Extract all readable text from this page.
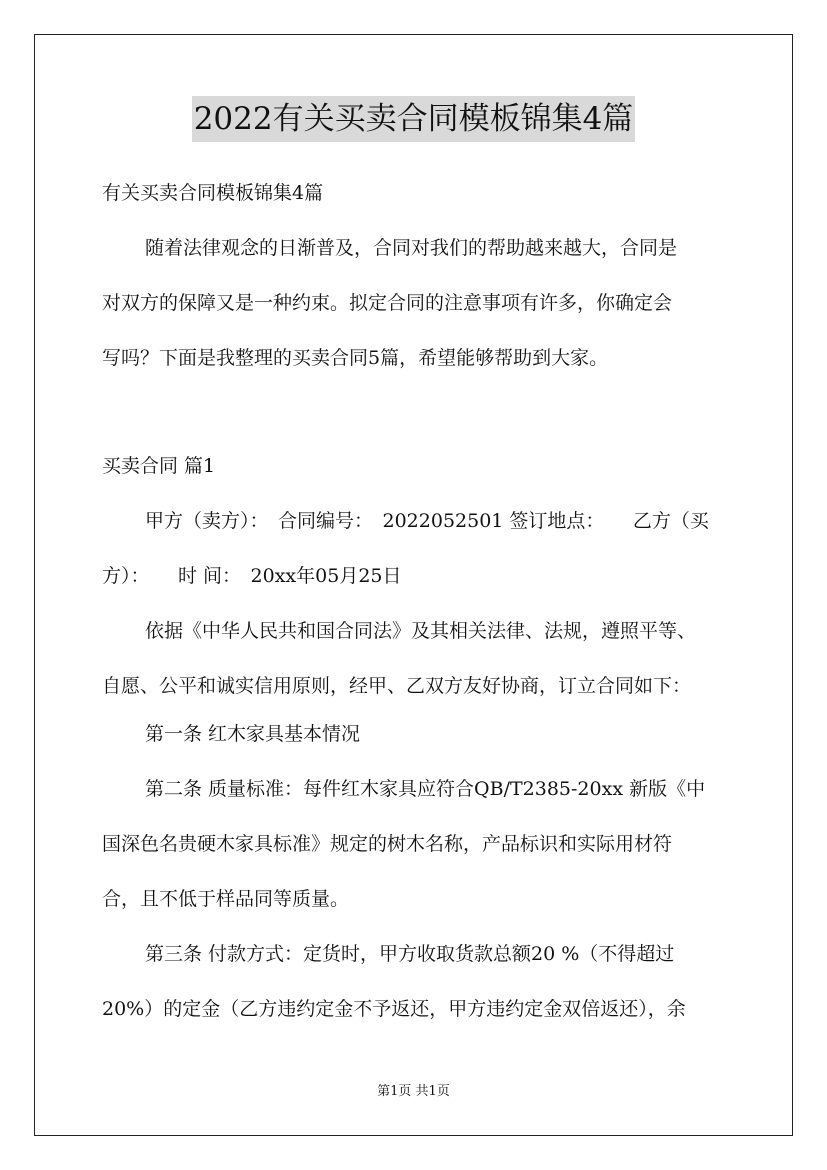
2022有关买卖合同模板锦集4篇
有关买卖合同模板锦集4篇
随着法律观念的日渐普及，合同对我们的帮助越来越大，合同是
对双方的保障又是一种约束。拟定合同的注意事项有许多，你确定会
写吗？下面是我整理的买卖合同5篇，希望能够帮助到大家。
买卖合同 篇1
甲方（卖方）：　合同编号：　2022052501 签订地点：　　乙方（买
方）：　　时 间：　20xx年05月25日
依据《中华人民共和国合同法》及其相关法律、法规，遵照平等、
自愿、公平和诚实信用原则，经甲、乙双方友好协商，订立合同如下：
第一条 红木家具基本情况
第二条 质量标准：每件红木家具应符合QB/T2385-20xx 新版《中
国深色名贵硬木家具标准》规定的树木名称，产品标识和实际用材符
合，且不低于样品同等质量。
第三条 付款方式：定货时，甲方收取货款总额20 %（不得超过
20%）的定金（乙方违约定金不予返还，甲方违约定金双倍返还），余
第1页 共1页
